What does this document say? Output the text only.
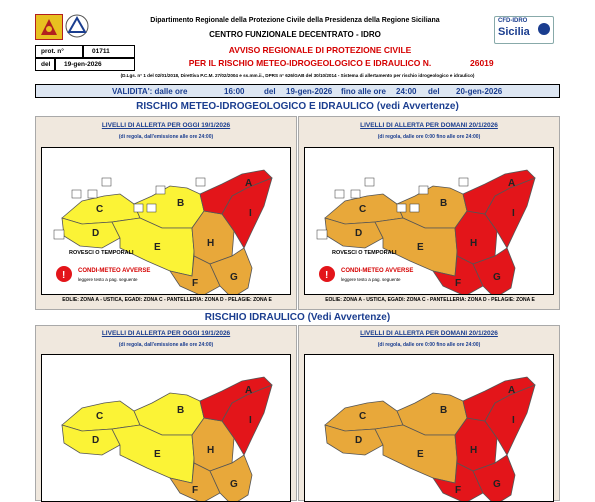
Dipartimento Regionale della Protezione Civile della Presidenza della Regione Siciliana
CENTRO FUNZIONALE DECENTRATO - IDRO
CFD-IDRO
Sicilia
prot. n°	01711
del	19-gen-2026
AVVISO REGIONALE DI PROTEZIONE CIVILE
PER IL RISCHIO METEO-IDROGEOLOGICO E IDRAULICO N.	26019
(D.Lgs. n° 1 del 02/01/2018, Direttiva P.C.M. 27/02/2004 e ss.mm.ii., DPRS n° 626/GAB del 30/10/2014 - Sistema di allertamento per rischio idrogeologico e idraulico)
VALIDITA': dalle ore	16:00 del 19-gen-2026 fino alle ore 24:00 del 20-gen-2026
RISCHIO METEO-IDROGEOLOGICO E IDRAULICO (vedi Avvertenze)
LIVELLI DI ALLERTA PER OGGI 19/1/2026
(di regola, dall'emissione alle ore 24:00)
A
B
C
D
E
F
G
H
I
ROVESCI O TEMPORALI
! CONDI-METEO AVVERSE
leggere testo a pag. seguente
EOLIE: ZONA A - USTICA, EGADI: ZONA C - PANTELLERIA: ZONA D - PELAGIE: ZONA E
LIVELLI DI ALLERTA PER DOMANI 20/1/2026
(di regola, dalle ore 0:00 fino alle ore 24:00)
A
B
C
D
E
F
G
H
I
ROVESCI O TEMPORALI
! CONDI-METEO AVVERSE
leggere testo a pag. seguente
EOLIE: ZONA A - USTICA, EGADI: ZONA C - PANTELLERIA: ZONA D - PELAGIE: ZONA E
RISCHIO IDRAULICO (Vedi Avvertenze)
LIVELLI DI ALLERTA PER OGGI 19/1/2026
(di regola, dall'emissione alle ore 24:00)
A
B
C
D
E
F
G
H
I
LIVELLI DI ALLERTA PER DOMANI 20/1/2026
(di regola, dalle ore 0:00 fino alle ore 24:00)
A
B
C
D
E
F
G
H
I
